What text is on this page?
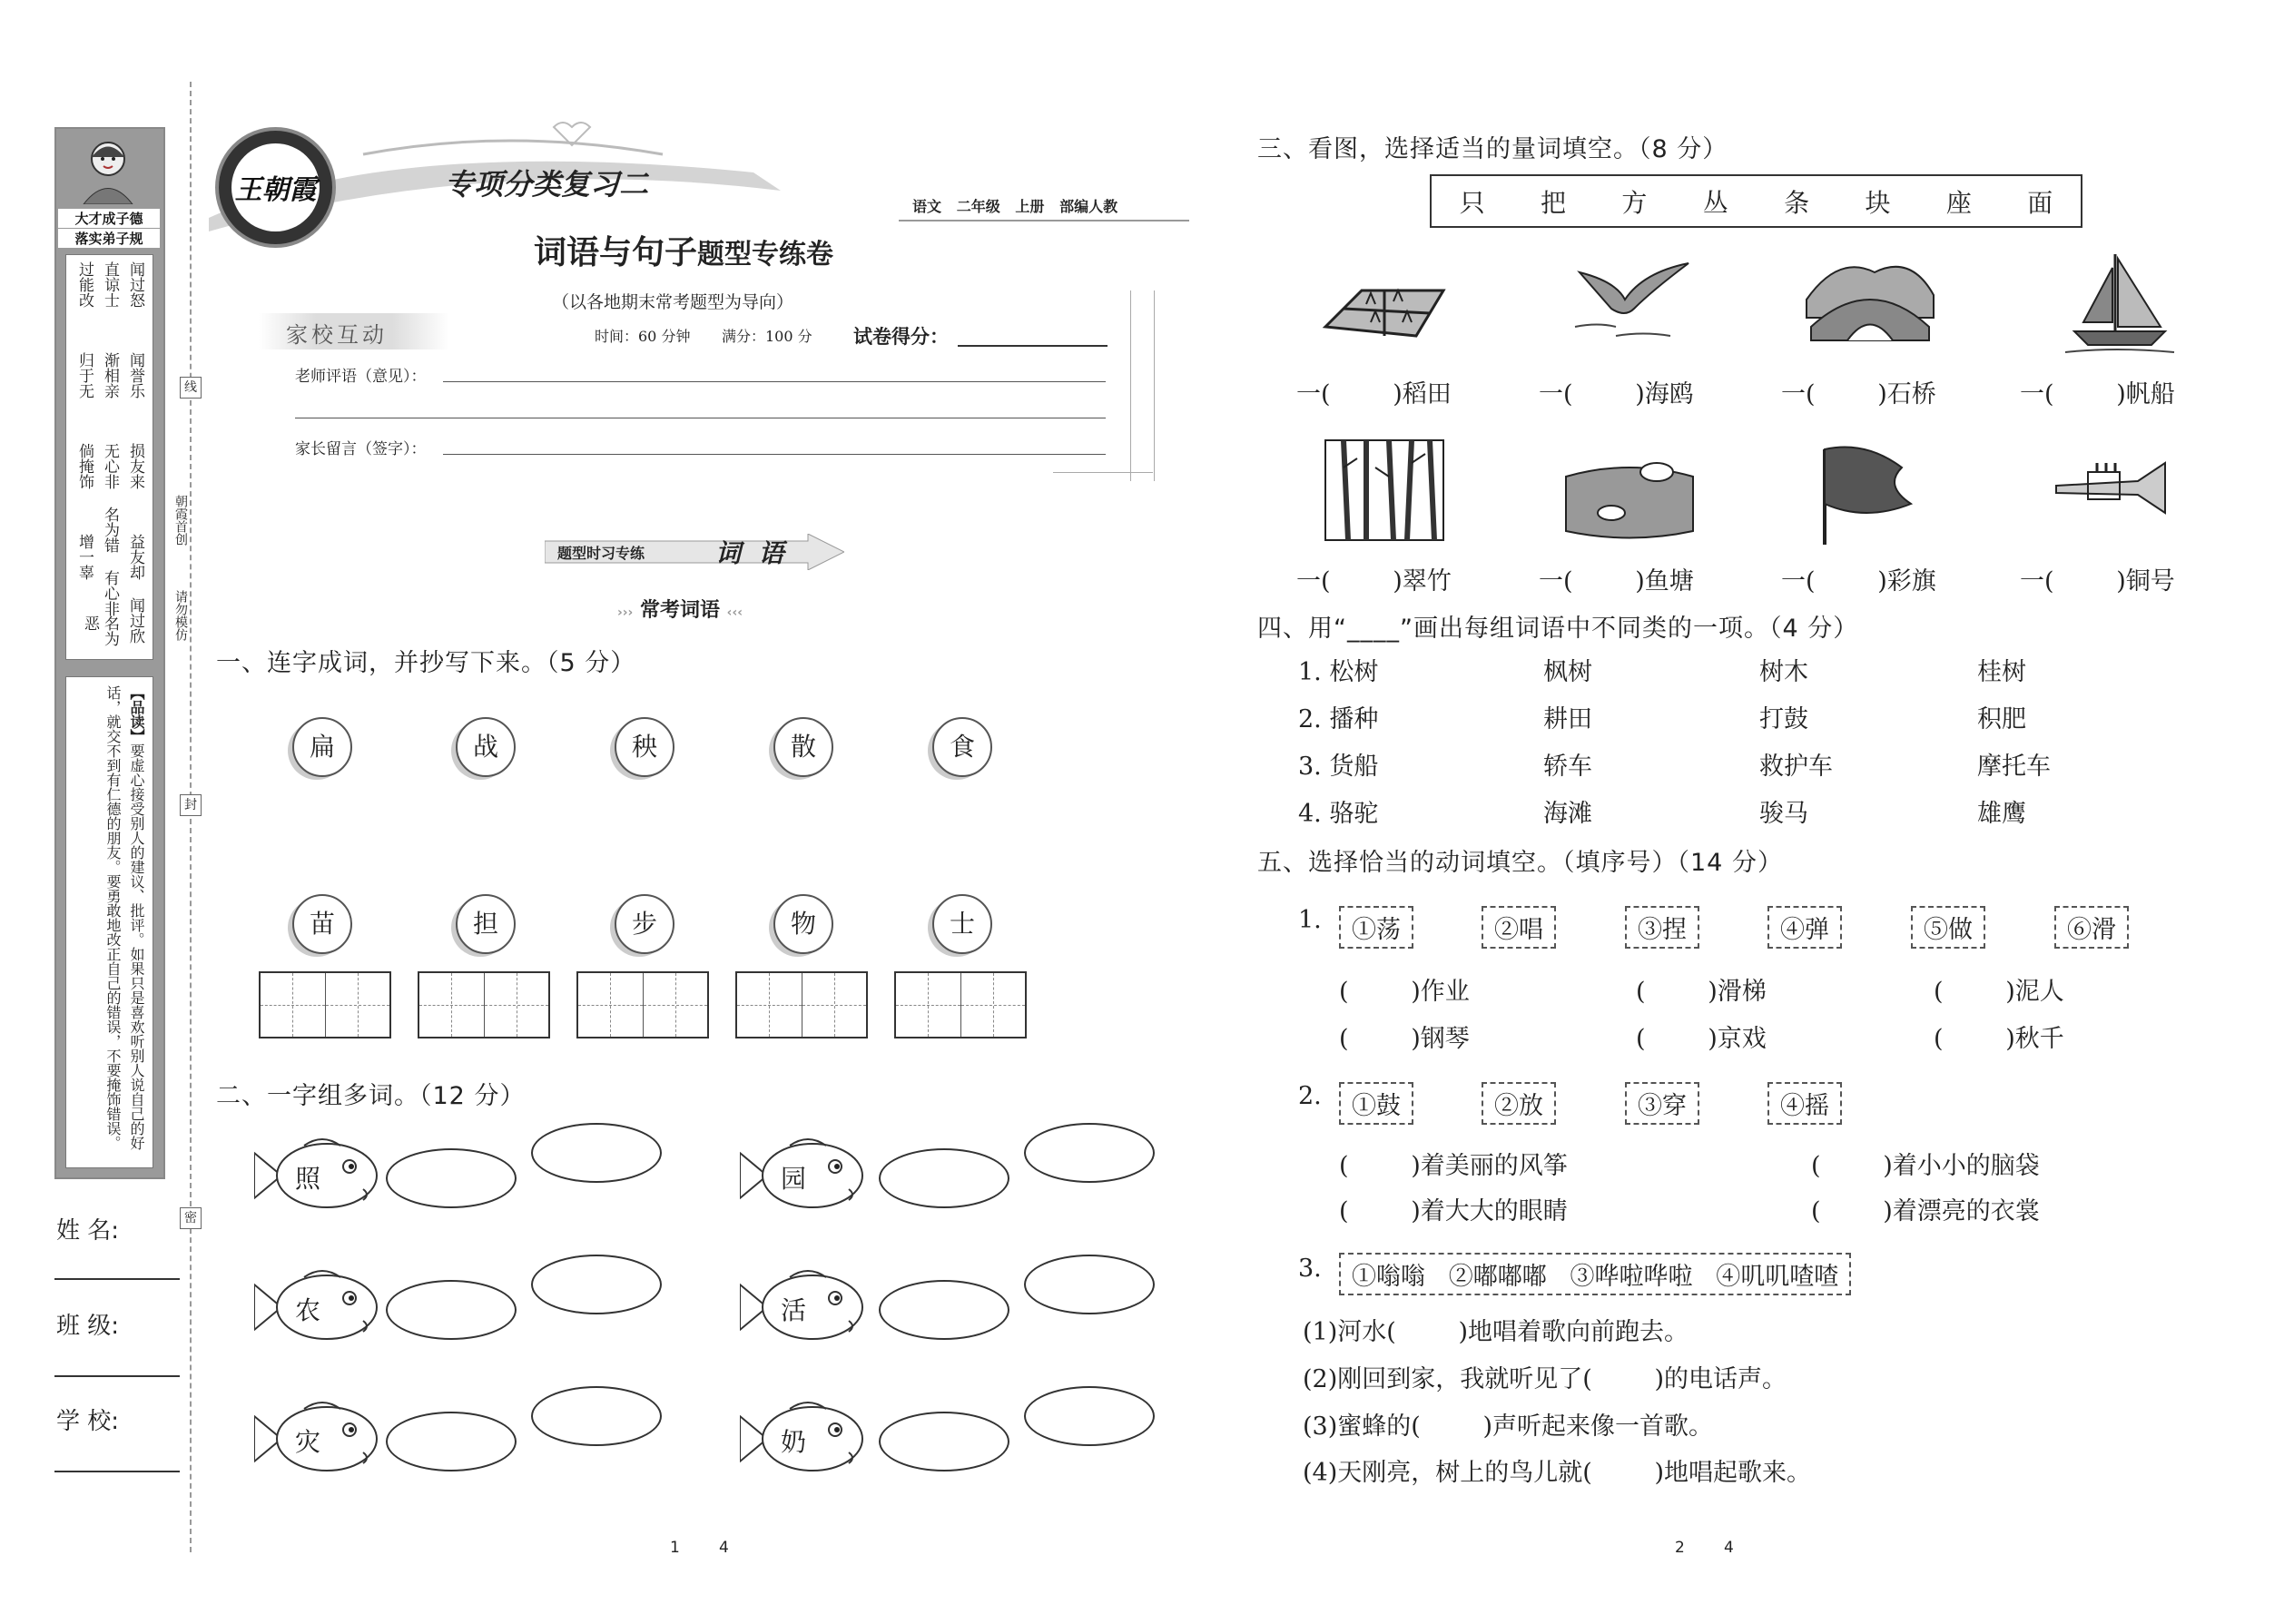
大才成子德
落实弟子规
闻过怒
闻誉乐
损友来
益友却
闻过欣
直谅士
渐相亲
无心非
名为错
有心非
名为恶
过能改
归于无
倘掩饰
增一辜
【品读】要虚心接受别人的建议、批评。如果只是喜欢听别人说自己的好话，就交不到有仁德的朋友。要勇敢地改正自己的错误，不要掩饰错误。
姓 名:
班 级:
学 校:
线
封
密
朝霞首创
请勿模仿
王朝霞	专项分类复习二
语文   二年级   上册   部编人教
词语与句子题型专练卷
（以各地期末常考题型为导向）
时间：60 分钟 满分：100 分 试卷得分：
家校互动
老师评语（意见）：
家长留言（签字）：
题型时习专练	词  语
››› 常考词语 ‹‹‹
一、连字成词，并抄写下来。（5 分）
扁	战	秧	散	食
苗	担	步	物	士
二、一字组多词。（12 分）
照
农
灾
园
活
奶
1        4
三、看图，选择适当的量词填空。（8 分）
只 把 方 丛 条 块 座 面
一(        )稻田	一(        )海鸥	一(        )石桥	一(        )帆船
一(        )翠竹	一(        )鱼塘	一(        )彩旗	一(        )铜号
四、用“____”画出每组词语中不同类的一项。（4 分）
1. 松树	枫树	树木	桂树
2. 播种	耕田	打鼓	积肥
3. 货船	轿车	救护车	摩托车
4. 骆驼	海滩	骏马	雄鹰
五、选择恰当的动词填空。（填序号）（14 分）
1.	①荡	②唱	③捏	④弹	⑤做	⑥滑
(        )作业	(        )滑梯	(        )泥人
(        )钢琴	(        )京戏	(        )秋千
2.	①鼓	②放	③穿	④摇
(        )着美丽的风筝	(        )着小小的脑袋
(        )着大大的眼睛	(        )着漂亮的衣裳
3.	①嗡嗡   ②嘟嘟嘟   ③哗啦哗啦   ④叽叽喳喳
(1)河水(        )地唱着歌向前跑去。
(2)刚回到家，我就听见了(        )的电话声。
(3)蜜蜂的(        )声听起来像一首歌。
(4)天刚亮，树上的鸟儿就(        )地唱起歌来。
2        4
